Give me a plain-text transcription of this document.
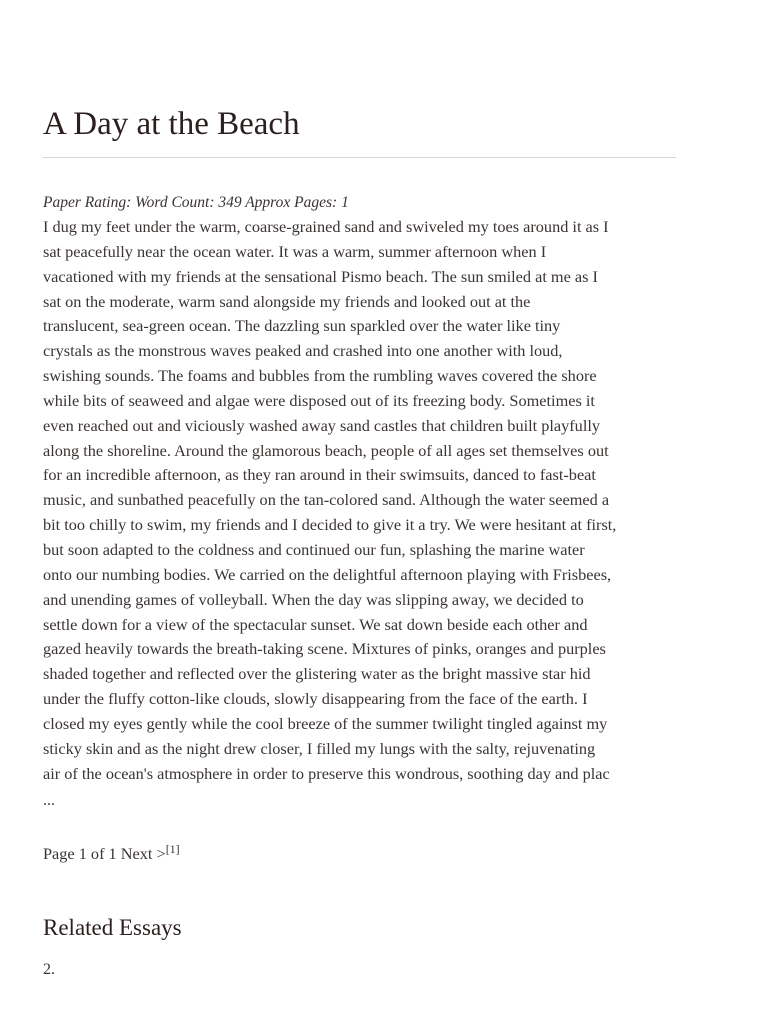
A Day at the Beach
Paper Rating: Word Count: 349 Approx Pages: 1

I dug my feet under the warm, coarse-grained sand and swiveled my toes around it as I
sat peacefully near the ocean water. It was a warm, summer afternoon when I
vacationed with my friends at the sensational Pismo beach. The sun smiled at me as I
sat on the moderate, warm sand alongside my friends and looked out at the
translucent, sea-green ocean. The dazzling sun sparkled over the water like tiny
crystals as the monstrous waves peaked and crashed into one another with loud,
swishing sounds. The foams and bubbles from the rumbling waves covered the shore
while bits of seaweed and algae were disposed out of its freezing body. Sometimes it
even reached out and viciously washed away sand castles that children built playfully
along the shoreline. Around the glamorous beach, people of all ages set themselves out
for an incredible afternoon, as they ran around in their swimsuits, danced to fast-beat
music, and sunbathed peacefully on the tan-colored sand. Although the water seemed a
bit too chilly to swim, my friends and I decided to give it a try. We were hesitant at first,
but soon adapted to the coldness and continued our fun, splashing the marine water
onto our numbing bodies. We carried on the delightful afternoon playing with Frisbees,
and unending games of volleyball. When the day was slipping away, we decided to
settle down for a view of the spectacular sunset. We sat down beside each other and
gazed heavily towards the breath-taking scene. Mixtures of pinks, oranges and purples
shaded together and reflected over the glistering water as the bright massive star hid
under the fluffy cotton-like clouds, slowly disappearing from the face of the earth. I
closed my eyes gently while the cool breeze of the summer twilight tingled against my
sticky skin and as the night drew closer, I filled my lungs with the salty, rejuvenating
air of the ocean's atmosphere in order to preserve this wondrous, soothing day and plac

...
Page 1 of 1 Next >[1]
Related Essays
2.
